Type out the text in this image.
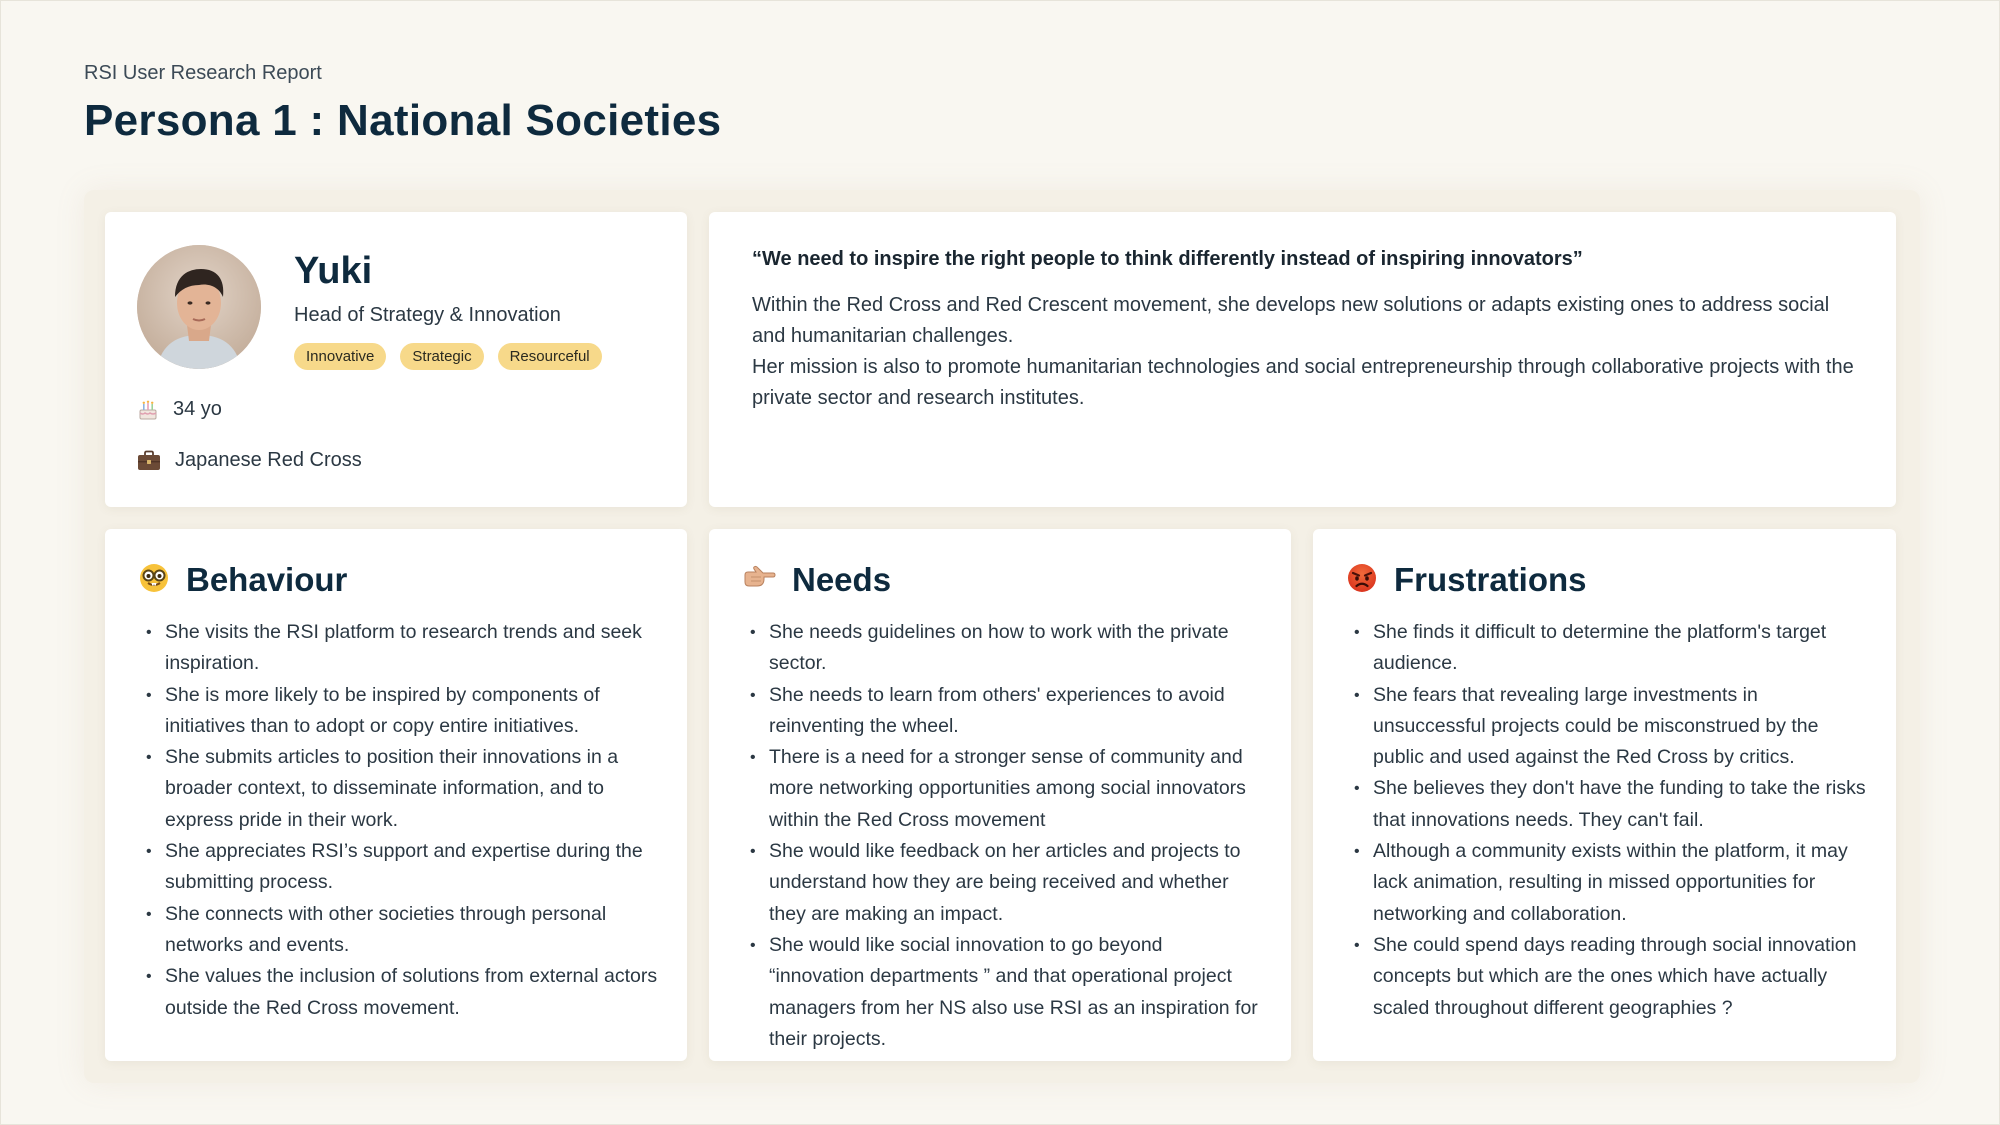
RSI User Research Report
Persona 1 : National Societies
Yuki
Head of Strategy & Innovation
Innovative	Strategic	Resourceful
34 yo
Japanese Red Cross
“We need to inspire the right people to think differently instead of inspiring innovators”

Within the Red Cross and Red Crescent movement, she develops new solutions or adapts existing ones to address social and humanitarian challenges.

Her mission is also to promote humanitarian technologies and social entrepreneurship through collaborative projects with the private sector and research institutes.

Behaviour
• She visits the RSI platform to research trends and seek inspiration.
• She is more likely to be inspired by components of initiatives than to adopt or copy entire initiatives.
• She submits articles to position their innovations in a broader context, to disseminate information, and to express pride in their work.
• She appreciates RSI’s support and expertise during the submitting process.
• She connects with other societies through personal networks and events.
• She values the inclusion of solutions from external actors outside the Red Cross movement.
Needs
• She needs guidelines on how to work with the private sector.
• She needs to learn from others' experiences to avoid reinventing the wheel.
• There is a need for a stronger sense of community and more networking opportunities among social innovators within the Red Cross movement
• She would like feedback on her articles and projects to understand how they are being received and whether they are making an impact.
• She would like social innovation to go beyond “innovation departments ” and that operational project managers from her NS also use RSI as an inspiration for their projects.
Frustrations
• She finds it difficult to determine the platform's target audience.
• She fears that revealing large investments in unsuccessful projects could be misconstrued by the public and used against the Red Cross by critics.
• She believes they don't have the funding to take the risks that innovations needs. They can't fail.
• Although a community exists within the platform, it may lack animation, resulting in missed opportunities for networking and collaboration.
• She could spend days reading through social innovation concepts but which are the ones which have actually scaled throughout different geographies ?
